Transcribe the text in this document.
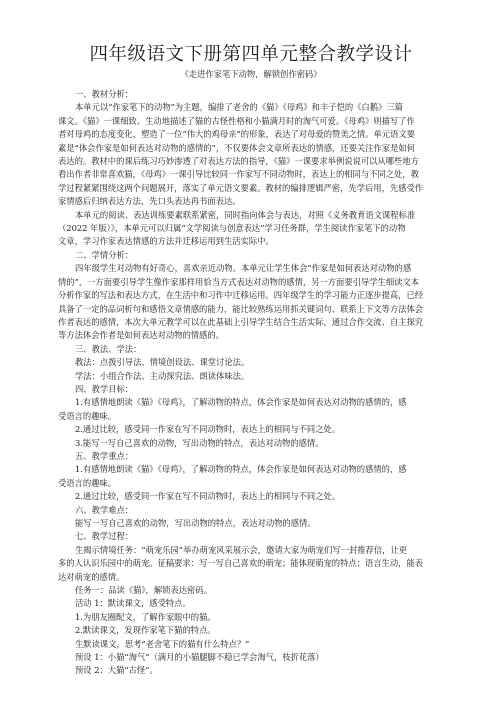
四年级语文下册第四单元整合教学设计

《走进作家笔下动物，解锁创作密码》

一、教材分析：

本单元以“作家笔下的动物”为主题，编排了老舍的《猫》《母鸡》和丰子恺的《白鹅》三篇

课文。《猫》一课细致、生动地描述了猫的古怪性格和小猫满月时的淘气可爱。《母鸡》则描写了作

者对母鸡的态度变化，塑造了一位“伟大的鸡母亲”的形象，表达了对母爱的赞美之情。单元语文要

素是“体会作家是如何表达对动物的感情的”，不仅要体会文章所表达的情感，还要关注作家是如何

表达的。教材中的课后练习巧妙渗透了对表达方法的指导，《猫》一课要求举例说说可以从哪些地方

看出作者非常喜欢猫，《母鸡》一课引导比较同一作家写不同动物时，表达上的相同与不同之处，教

学过程紧紧围绕这两个问题展开，落实了单元语文要素。教材的编排逻辑严密，先学后用，先感受作

家情感后归纳表达方法，先口头表达再书面表达。

本单元的阅读、表达训练要素联系紧密，同时指向体会与表达，对照《义务教育语文课程标准

（2022 年版）》，本单元可以归属“文学阅读与创意表达”学习任务群，学生阅读作家笔下的动物

文章，学习作家表达情感的方法并迁移运用到生活实际中。

二、学情分析：

四年级学生对动物有好奇心，喜欢亲近动物。本单元让学生体会“作家是如何表达对动物的感

情的”，一方面要引导学生像作家那样用恰当方式表达对动物的感情，另一方面要引导学生细读文本

分析作家的写法和表达方式，在生活中和习作中迁移运用。四年级学生的学习能力正逐步提高，已经

具备了一定的品词析句和感悟文章情感的能力，能比较熟练运用抓关键词句、联系上下文等方法体会

作者表达的感情，本次大单元教学可以在此基础上引导学生结合生活实际，通过合作交流、自主探究

等方法体会作者是如何表达对动物的情感的。

三、教法、学法：

教法：点拨引导法、情境创设法、课堂讨论法。

学法：小组合作法、主动探究法、朗读体味法。

四、教学目标：

1.有感情地朗读《猫》《母鸡》，了解动物的特点，体会作家是如何表达对动物的感情的，感

受语言的趣味。

2.通过比较，感受同一作家在写不同动物时，表达上的相同与不同之处。

3.能写一写自己喜欢的动物，写出动物的特点，表达对动物的感情。

五、教学重点：

1.有感情地朗读《猫》《母鸡》，了解动物的特点，体会作家是如何表达对动物的感情的，感

受语言的趣味。

2.通过比较，感受同一作家在写不同动物时，表达上的相同与不同之处。

六、教学难点：

能写一写自己喜欢的动物，写出动物的特点，表达对动物的感情。

七、教学过程：

生揭示情境任务：“萌宠乐园”举办萌宠风采展示会，邀请大家为萌宠们写一封推荐信，让更

多的人认识乐园中的萌宠。征稿要求：写一写自己喜欢的萌宠；能体现萌宠的特点；语言生动，能表

达对萌宠的感情。

任务一：品读《猫》，解锁表达密码。

活动 1：默读课文，感受特点。

1.为朋友圈配文，了解作家眼中的猫。

2.默读课文，发现作家笔下猫的特点。

生默读课文，思考“老舍笔下的猫有什么特点？”

预设 1：小猫“淘气”（满月的小猫腿脚不稳已学会淘气，枝折花落）

预设 2：大猫“古怪”。
